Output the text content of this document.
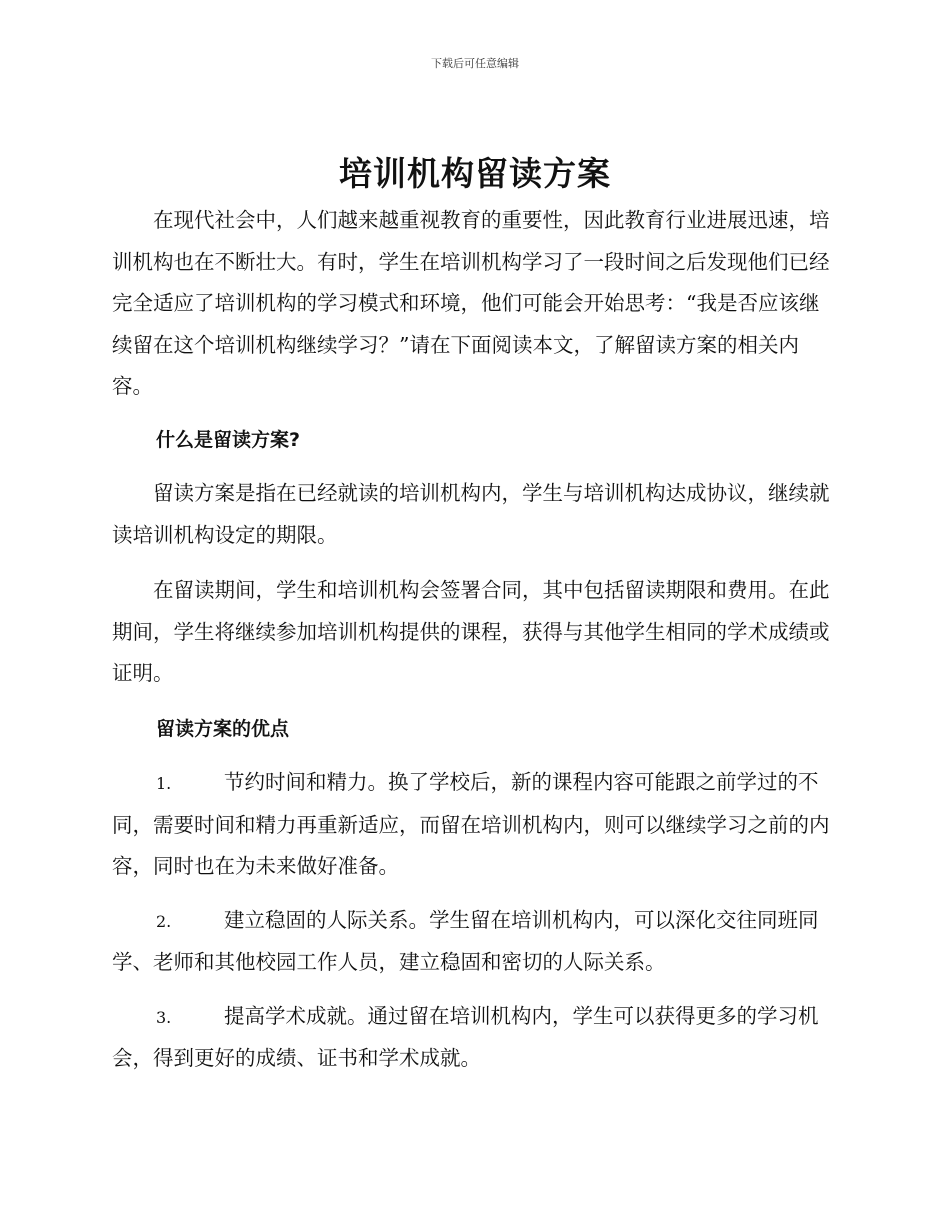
下载后可任意编辑
培训机构留读方案

在现代社会中，人们越来越重视教育的重要性，因此教育行业进展迅速，培训机构也在不断壮大。有时，学生在培训机构学习了一段时间之后发现他们已经完全适应了培训机构的学习模式和环境，他们可能会开始思考：“我是否应该继续留在这个培训机构继续学习？”请在下面阅读本文，了解留读方案的相关内容。

什么是留读方案?

留读方案是指在已经就读的培训机构内，学生与培训机构达成协议，继续就读培训机构设定的期限。

在留读期间，学生和培训机构会签署合同，其中包括留读期限和费用。在此期间，学生将继续参加培训机构提供的课程，获得与其他学生相同的学术成绩或证明。

留读方案的优点

1.	节约时间和精力。换了学校后，新的课程内容可能跟之前学过的不同，需要时间和精力再重新适应，而留在培训机构内，则可以继续学习之前的内容，同时也在为未来做好准备。

2.	建立稳固的人际关系。学生留在培训机构内，可以深化交往同班同学、老师和其他校园工作人员，建立稳固和密切的人际关系。

3.	提高学术成就。通过留在培训机构内，学生可以获得更多的学习机会，得到更好的成绩、证书和学术成就。
